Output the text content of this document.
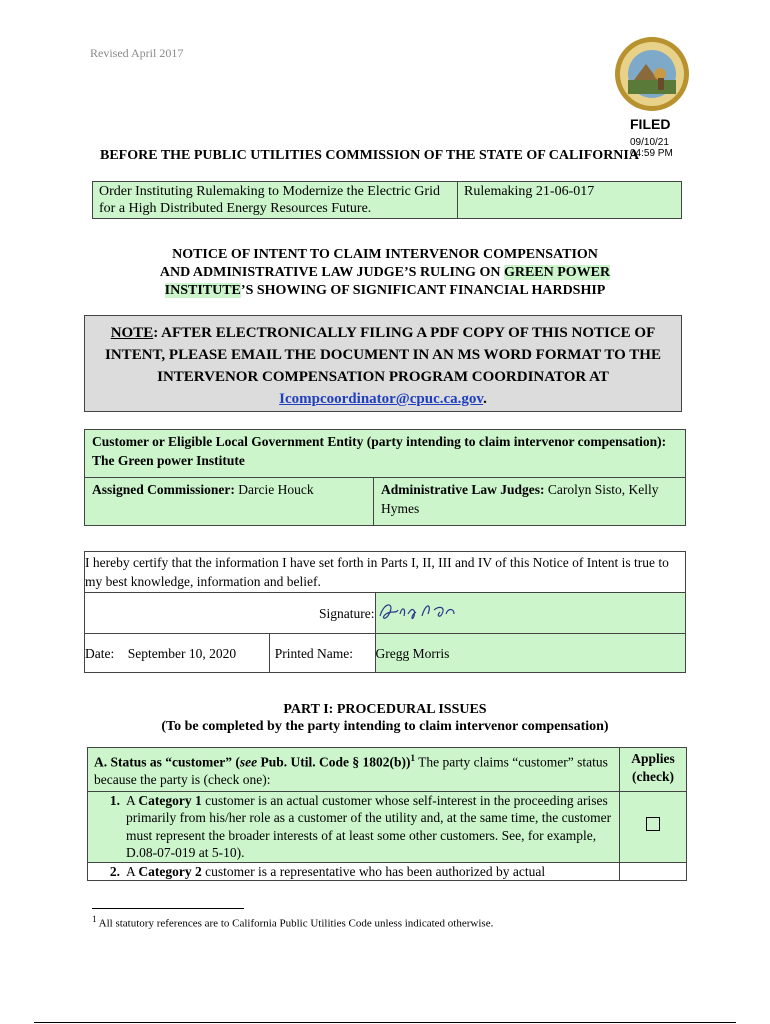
Revised April 2017
FILED
09/10/21
04:59 PM
BEFORE THE PUBLIC UTILITIES COMMISSION OF THE STATE OF CALIFORNIA
Order Instituting Rulemaking to Modernize the Electric Grid for a High Distributed Energy Resources Future.	Rulemaking 21-06-017
NOTICE OF INTENT TO CLAIM INTERVENOR COMPENSATION
AND ADMINISTRATIVE LAW JUDGE’S RULING ON GREEN POWER
INSTITUTE’S SHOWING OF SIGNIFICANT FINANCIAL HARDSHIP
NOTE: AFTER ELECTRONICALLY FILING A PDF COPY OF THIS NOTICE OF INTENT, PLEASE EMAIL THE DOCUMENT IN AN MS WORD FORMAT TO THE INTERVENOR COMPENSATION PROGRAM COORDINATOR AT
Icompcoordinator@cpuc.ca.gov.
Customer or Eligible Local Government Entity (party intending to claim intervenor compensation): The Green power Institute
Assigned Commissioner: Darcie Houck	Administrative Law Judges: Carolyn Sisto, Kelly Hymes
I hereby certify that the information I have set forth in Parts I, II, III and IV of this Notice of Intent is true to my best knowledge, information and belief.		
Signature:	
Date: September 10, 2020	Printed Name:	Gregg Morris
PART I: PROCEDURAL ISSUES
(To be completed by the party intending to claim intervenor compensation)
A. Status as “customer” (see Pub. Util. Code § 1802(b))$^1$ The party claims “customer” status because the party is (check one):	Applies
(check)

1. A Category 1 customer is an actual customer whose self-interest in the proceeding arises primarily from his/her role as a customer of the utility and, at the same time, the customer must represent the broader interests of at least some other customers. See, for example, D.08-07-019 at 5-10).	

2. A Category 2 customer is a representative who has been authorized by actual	

$^1$ All statutory references are to California Public Utilities Code unless indicated otherwise.
